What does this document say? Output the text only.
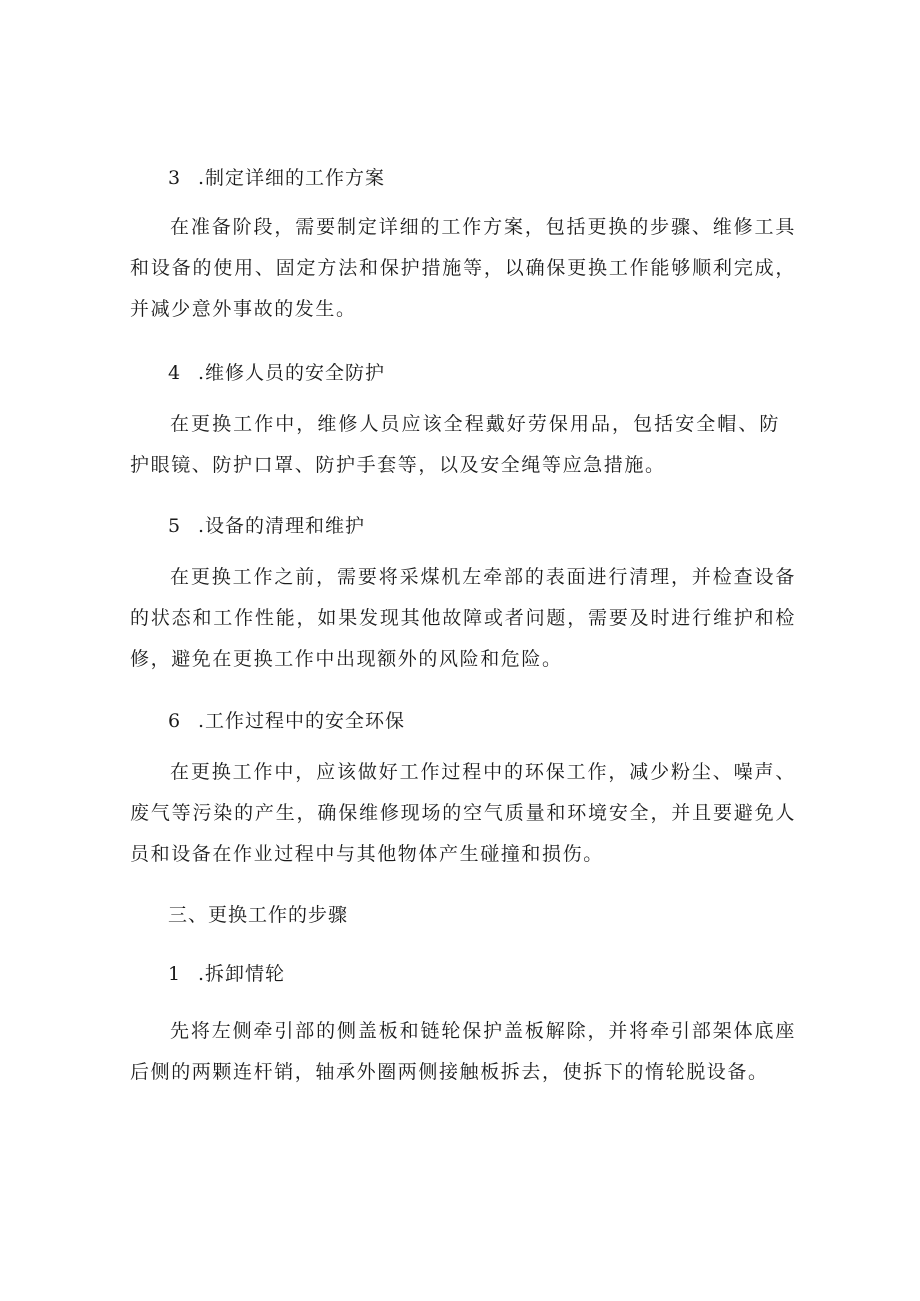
3 .制定详细的工作方案

在准备阶段，需要制定详细的工作方案，包括更换的步骤、维修工具和设备的使用、固定方法和保护措施等，以确保更换工作能够顺利完成，并减少意外事故的发生。

4 .维修人员的安全防护

在更换工作中，维修人员应该全程戴好劳保用品，包括安全帽、防护眼镜、防护口罩、防护手套等，以及安全绳等应急措施。

5 .设备的清理和维护

在更换工作之前，需要将采煤机左牵部的表面进行清理，并检查设备的状态和工作性能，如果发现其他故障或者问题，需要及时进行维护和检修，避免在更换工作中出现额外的风险和危险。

6 .工作过程中的安全环保

在更换工作中，应该做好工作过程中的环保工作，减少粉尘、噪声、废气等污染的产生，确保维修现场的空气质量和环境安全，并且要避免人员和设备在作业过程中与其他物体产生碰撞和损伤。

三、更换工作的步骤
1 .拆卸情轮

先将左侧牵引部的侧盖板和链轮保护盖板解除，并将牵引部架体底座后侧的两颗连杆销，轴承外圈两侧接触板拆去，使拆下的惰轮脱设备。
